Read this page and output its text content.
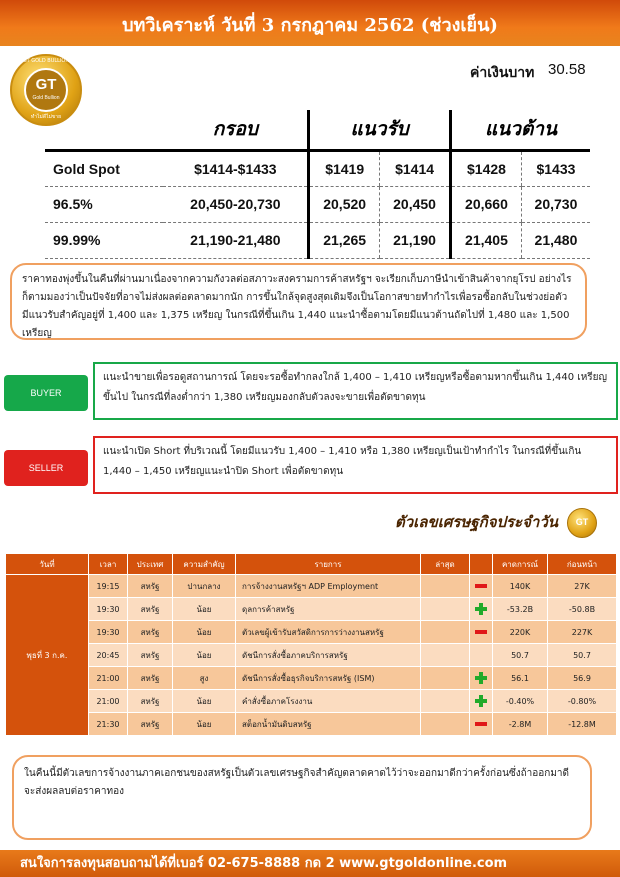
บทวิเคราะห์ วันที่ 3 กรกฎาคม 2562 (ช่วงเย็น)
GT GOLD BULLION
GT
Gold Bullion
ทำไม่ดีไม่ขาย
ค่าเงินบาท 30.58
	กรอบ	แนวรับ		แนวต้าน	
Gold Spot	$1414-$1433	$1419	$1414	$1428	$1433
96.5%	20,450-20,730	20,520	20,450	20,660	20,730
99.99%	21,190-21,480	21,265	21,190	21,405	21,480

ราคาทองพุ่งขึ้นในคืนที่ผ่านมาเนื่องจากความกังวลต่อสภาวะสงครามการค้าสหรัฐฯ จะเรียกเก็บภาษีนำเข้าสินค้าจากยุโรป อย่างไรก็ตามมองว่าเป็นปัจจัยที่อาจไม่ส่งผลต่อตลาดมากนัก การขึ้นใกล้จุดสูงสุดเดิมจึงเป็นโอกาสขายทำกำไรเพื่อรอซื้อกลับในช่วงย่อตัว มีแนวรับสำคัญอยู่ที่ 1,400 และ 1,375 เหรียญ ในกรณีที่ขึ้นเกิน 1,440 แนะนำซื้อตามโดยมีแนวต้านถัดไปที่ 1,480 และ 1,500 เหรียญ

BUYER

แนะนำขายเพื่อรอดูสถานการณ์ โดยจะรอซื้อทำกลงใกล้ 1,400 – 1,410 เหรียญหรือซื้อตามหากขึ้นเกิน 1,440 เหรียญขึ้นไป ในกรณีที่ลงต่ำกว่า 1,380 เหรียญมองกลับตัวลงจะขายเพื่อตัดขาดทุน

SELLER

แนะนำเปิด Short ที่บริเวณนี้ โดยมีแนวรับ 1,400 – 1,410 หรือ 1,380 เหรียญเป็นเป้าทำกำไร ในกรณีที่ขึ้นเกิน 1,440 – 1,450 เหรียญแนะนำปิด Short เพื่อตัดขาดทุน

ตัวเลขเศรษฐกิจประจำวัน	GT
วันที่	เวลา	ประเทศ	ความสำคัญ	รายการ	ล่าสุด		คาดการณ์	ก่อนหน้า
พุธที่ 3 ก.ค.	19:15	สหรัฐ	ปานกลาง	การจ้างงานสหรัฐฯ ADP Employment			140K	27K
	19:30	สหรัฐ	น้อย	ดุลการค้าสหรัฐ			-53.2B	-50.8B
	19:30	สหรัฐ	น้อย	ตัวเลขผู้เข้ารับสวัสดิการการว่างงานสหรัฐ			220K	227K
	20:45	สหรัฐ	น้อย	ดัชนีการสั่งซื้อภาคบริการสหรัฐ			50.7	50.7
	21:00	สหรัฐ	สูง	ดัชนีการสั่งซื้อธุรกิจบริการสหรัฐ (ISM)			56.1	56.9
	21:00	สหรัฐ	น้อย	คำสั่งซื้อภาคโรงงาน			-0.40%	-0.80%
	21:30	สหรัฐ	น้อย	สต็อกน้ำมันดิบสหรัฐ			-2.8M	-12.8M

ในคืนนี้มีตัวเลขการจ้างงานภาคเอกชนของสหรัฐเป็นตัวเลขเศรษฐกิจสำคัญตลาดคาดไว้ว่าจะออกมาดีกว่าครั้งก่อนซึ่งถ้าออกมาดีจะส่งผลลบต่อราคาทอง

สนใจการลงทุนสอบถามได้ที่เบอร์ 02-675-8888 กด 2 www.gtgoldonline.com
